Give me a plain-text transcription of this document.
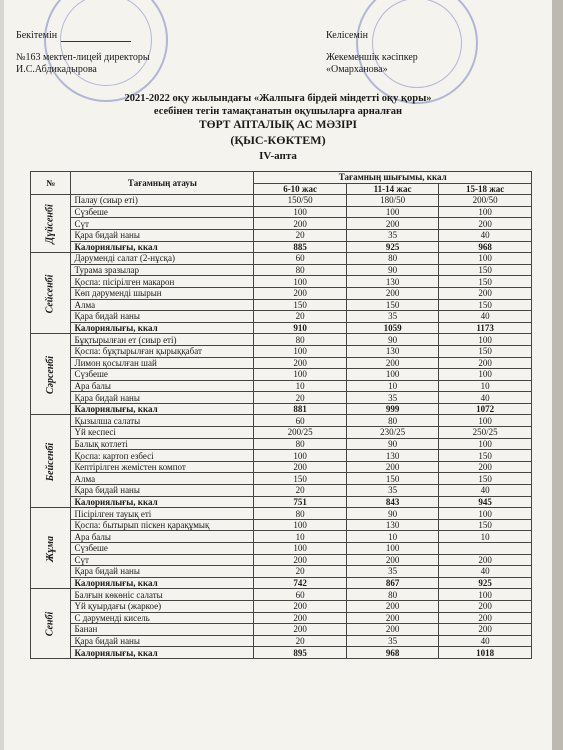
Бекітемін
№163 мектеп-лицей директоры
И.С.Абдикадырова
Келісемін
Жекеменшік кәсіпкер
«Омарханова»
2021-2022 оқу жылындағы «Жалпыға бірдей міндетті оқу қоры»
есебінен тегін тамақтанатын оқушыларға арналған
ТӨРТ АПТАЛЫҚ АС МӘЗІРІ
(ҚЫС-КӨКТЕМ)
IV-апта
№	Тағамның атауы	Тағамның шығымы, ккал		
		6-10 жас	11-14 жас	15-18 жас
Дүйсенбі	Палау (сиыр еті)	150/50	180/50	200/50
	Сүзбеше	100	100	100
	Сүт	200	200	200
	Қара бидай наны	20	35	40
	Калориялығы, ккал	885	925	968
Сейсенбі	Дәрумендi салат (2-нұсқа)	60	80	100
	Турама зразылар	80	90	150
	Қоспа: пісірілген макарон	100	130	150
	Көп дәрумендi шырын	200	200	200
	Алма	150	150	150
	Қара бидай наны	20	35	40
	Калориялығы, ккал	910	1059	1173
Сәрсенбі	Бұқтырылған ет (сиыр еті)	80	90	100
	Қоспа: бұқтырылған қырыққабат	100	130	150
	Лимон қосылған шай	200	200	200
	Сүзбеше	100	100	100
	Ара балы	10	10	10
	Қара бидай наны	20	35	40
	Калориялығы, ккал	881	999	1072
Бейсенбі	Қызылша салаты	60	80	100
	Үй кеспесі	200/25	230/25	250/25
	Балық котлеті	80	90	100
	Қоспа: картоп езбесі	100	130	150
	Кептірілген жемістен компот	200	200	200
	Алма	150	150	150
	Қара бидай наны	20	35	40
	Калориялығы, ккал	751	843	945
Жұма	Пісірілген тауық еті	80	90	100
	Қоспа: бытырып піскен қарақұмық	100	130	150
	Ара балы	10	10	10
	Сүзбеше	100	100	
	Сүт	200	200	200
	Қара бидай наны	20	35	40
	Калориялығы, ккал	742	867	925
Сенбі	Балғын көкөніс салаты	60	80	100
	Үй қуырдағы (жаркое)	200	200	200
	С дәрумендi кисель	200	200	200
	Банан	200	200	200
	Қара бидай наны	20	35	40
	Калориялығы, ккал	895	968	1018
